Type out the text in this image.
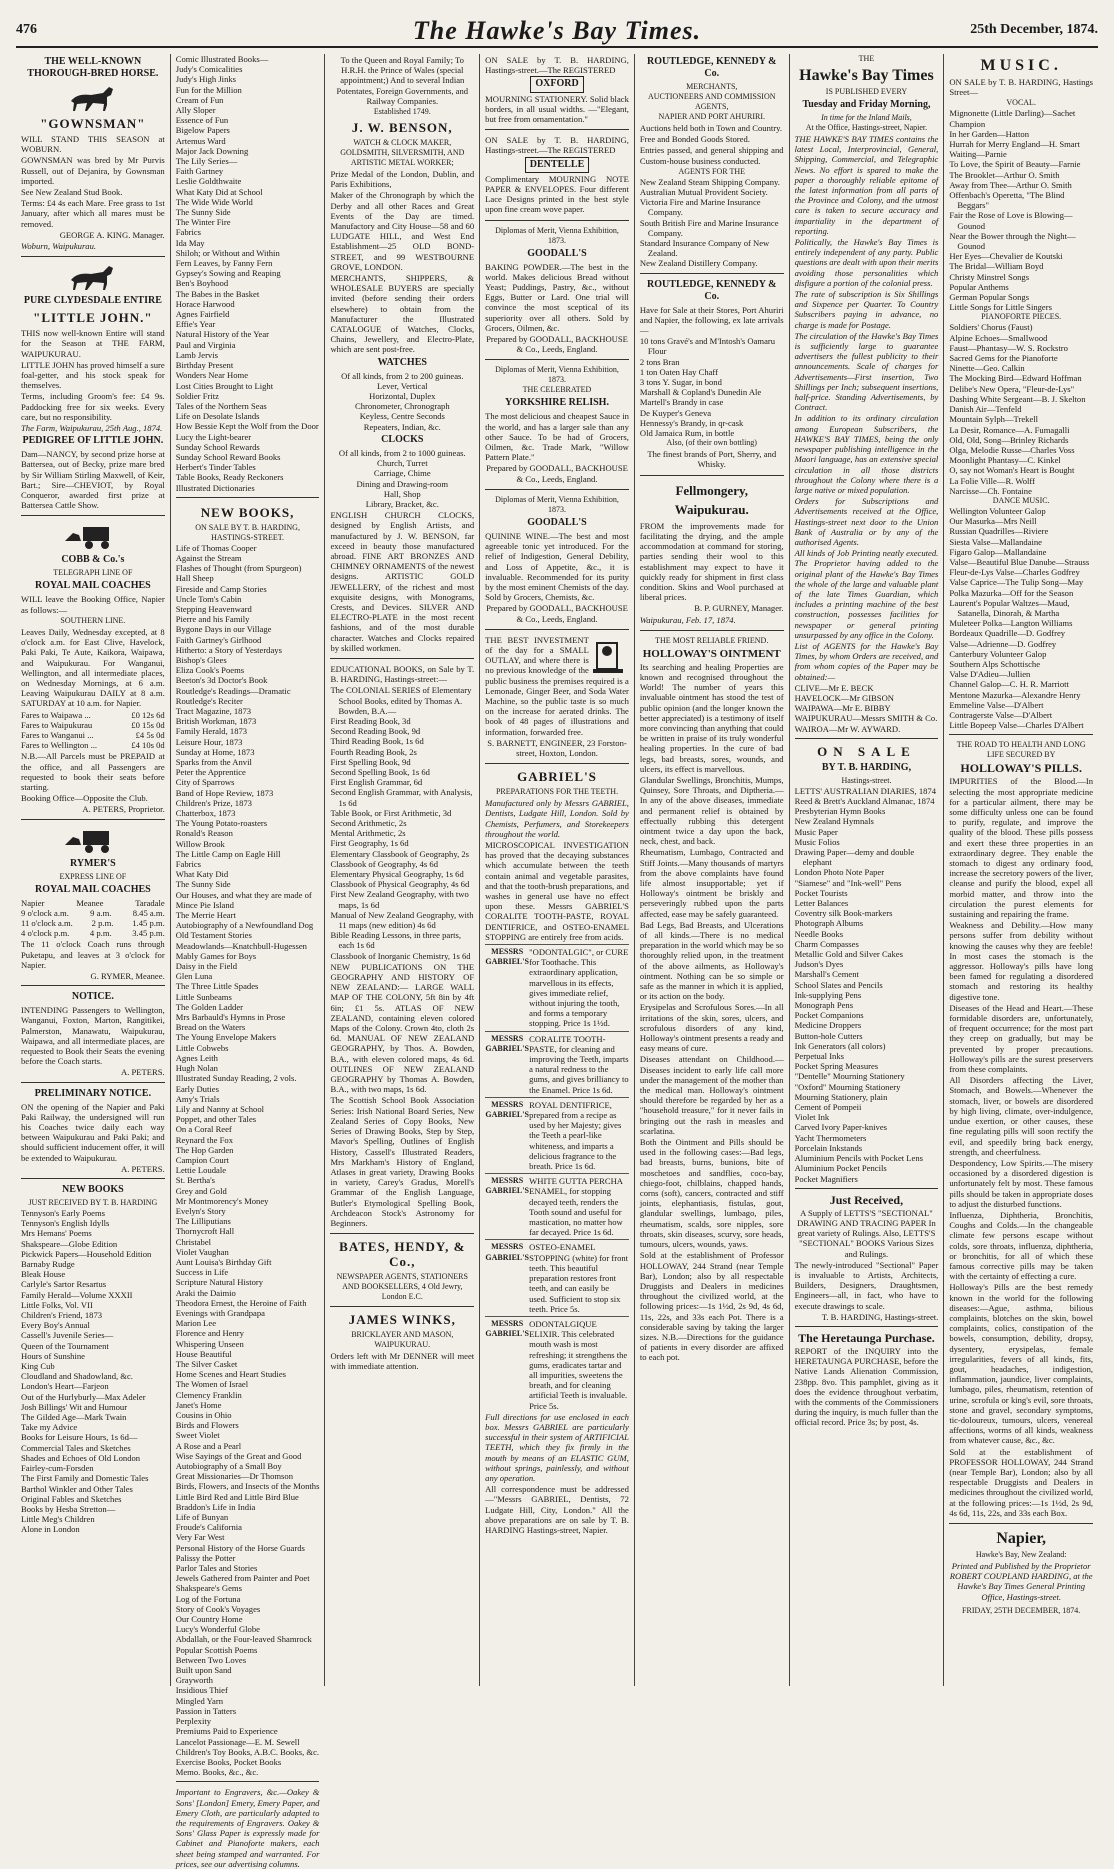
476	The Hawke's Bay Times.	25th December, 1874.
THE WELL-KNOWN THOROUGH-BRED HORSE.
"GOWNSMAN"
WILL STAND THIS SEASON at WOBURN.
GOWNSMAN was bred by Mr Purvis Russell, out of Dejanira, by Gownsman imported.
See New Zealand Stud Book.
Terms: £4 4s each Mare. Free grass to 1st January, after which all mares must be removed.
GEORGE A. KING. Manager.
Woburn, Waipukurau.
PURE CLYDESDALE ENTIRE
"LITTLE JOHN."
THIS now well-known Entire will stand for the Season at THE FARM, WAIPUKURAU.
LITTLE JOHN has proved himself a sure foal-getter, and his stock speak for themselves.
Terms, including Groom's fee: £4 9s. Paddocking free for six weeks. Every care, but no responsibility.
The Farm, Waipukurau, 25th Aug., 1874.
PEDIGREE OF LITTLE JOHN.
Dam—NANCY, by second prize horse at Battersea, out of Becky, prize mare bred by Sir William Stirling Maxwell, of Keir, Bart.; Sire—CHEVIOT, by Royal Conqueror, awarded first prize at Battersea Cattle Show.
COBB & Co.'s
TELEGRAPH LINE OF
ROYAL MAIL COACHES
WILL leave the Booking Office, Napier as follows:—
SOUTHERN LINE.
Leaves Daily, Wednesday excepted, at 8 o'clock a.m. for East Clive, Havelock, Paki Paki, Te Aute, Kaikora, Waipawa, and Waipukurau. For Wanganui, Wellington, and all intermediate places, on Wednesday Mornings, at 6 a.m. Leaving Waipukurau DAILY at 8 a.m. SATURDAY at 10 a.m. for Napier.
Fares to Waipawa ...	£0 12s 6d
Fares to Waipukurau	£0 15s 0d
Fares to Wanganui ...	£4 5s 0d
Fares to Wellington ...	£4 10s 0d
N.B.—All Parcels must be PREPAID at the office, and all Passengers are requested to book their seats before starting.
Booking Office—Opposite the Club.
A. PETERS, Proprietor.
RYMER'S
EXPRESS LINE OF
ROYAL MAIL COACHES
Napier	Meanee	Taradale
9 o'clock a.m. 9 a.m. 8.45 a.m.
11 o'clock a.m. 2 p.m. 1.45 p.m.
4 o'clock p.m. 4 p.m. 3.45 p.m.
The 11 o'clock Coach runs through Puketapu, and leaves at 3 o'clock for Napier.
G. RYMER, Meanee.
NOTICE.
INTENDING Passengers to Wellington, Wanganui, Foxton, Marton, Rangitikei, Palmerston, Manawatu, Waipukurau, Waipawa, and all intermediate places, are requested to Book their Seats the evening before the Coach starts.
A. PETERS.
PRELIMINARY NOTICE.
ON the opening of the Napier and Paki Paki Railway, the undersigned will run his Coaches twice daily each way between Waipukurau and Paki Paki; and should sufficient inducement offer, it will be extended to Waipukurau.
A. PETERS.
NEW BOOKS
JUST RECEIVED BY T. B. HARDING
Tennyson's Early Poems
Tennyson's English Idylls
Mrs Hemans' Poems
Shakspeare—Globe Edition
Pickwick Papers—Household Edition
Barnaby Rudge
Bleak House
Carlyle's Sartor Resartus
Family Herald—Volume XXXII
Little Folks, Vol. VII
Children's Friend, 1873
Every Boy's Annual
Cassell's Juvenile Series—
Queen of the Tournament
Hours of Sunshine
King Cub
Cloudland and Shadowland, &c.
London's Heart—Farjeon
Out of the Hurlyburly—Max Adeler
Josh Billings' Wit and Humour
The Gilded Age—Mark Twain
Take my Advice
Books for Leisure Hours, 1s 6d—
Commercial Tales and Sketches
Shades and Echoes of Old London
Fairley-cum-Forsden
The First Family and Domestic Tales
Barthol Winkler and Other Tales
Original Fables and Sketches
Books by Hesba Stretton—
Little Meg's Children
Alone in London
Comic Illustrated Books—
Judy's Comicalities
Judy's High Jinks
Fun for the Million
Cream of Fun
Ally Sloper
Essence of Fun
Bigelow Papers
Artemus Ward
Major Jack Downing
The Lily Series—
Faith Gartney
Leslie Goldthwaite
What Katy Did at School
The Wide Wide World
The Sunny Side
The Winter Fire
Fabrics
Ida May
Shiloh; or Without and Within
Fern Leaves, by Fanny Fern
Gypsey's Sowing and Reaping
Ben's Boyhood
The Babes in the Basket
Horace Harwood
Agnes Fairfield
Effie's Year
Natural History of the Year
Paul and Virginia
Lamb Jervis
Birthday Present
Wonders Near Home
Lost Cities Brought to Light
Soldier Fritz
Tales of the Northern Seas
Life on Desolate Islands
How Bessie Kept the Wolf from the Door
Lucy the Light-bearer
Sunday School Rewards
Sunday School Reward Books
Herbert's Tinder Tables
Table Books, Ready Reckoners
Illustrated Dictionaries
NEW BOOKS,
ON SALE BY T. B. HARDING,
HASTINGS-STREET.
Life of Thomas Cooper
Against the Stream
Flashes of Thought (from Spurgeon)
Hall Sheep
Fireside and Camp Stories
Uncle Tom's Cabin
Stepping Heavenward
Pierre and his Family
Bygone Days in our Village
Faith Gartney's Girlhood
Hitherto: a Story of Yesterdays
Bishop's Glees
Eliza Cook's Poems
Beeton's 3d Doctor's Book
Routledge's Readings—Dramatic
Routledge's Reciter
Tract Magazine, 1873
British Workman, 1873
Family Herald, 1873
Leisure Hour, 1873
Sunday at Home, 1873
Sparks from the Anvil
Peter the Apprentice
City of Sparrows
Band of Hope Review, 1873
Children's Prize, 1873
Chatterbox, 1873
The Young Potato-roasters
Ronald's Reason
Willow Brook
The Little Camp on Eagle Hill
Fabrics
What Katy Did
The Sunny Side
Our Houses, and what they are made of
Mince Pie Island
The Merrie Heart
Autobiography of a Newfoundland Dog
Old Testament Stories
Meadowlands—Knatchbull-Hugessen
Mably Games for Boys
Daisy in the Field
Glen Luna
The Three Little Spades
Little Sunbeams
The Golden Ladder
Mrs Barbauld's Hymns in Prose
Bread on the Waters
The Young Envelope Makers
Little Cobwebs
Agnes Leith
Hugh Nolan
Illustrated Sunday Reading, 2 vols.
Early Duties
Amy's Trials
Lily and Nanny at School
Poppet, and other Tales
On a Coral Reef
Reynard the Fox
The Hop Garden
Campion Court
Lettie Loudale
St. Bertha's
Grey and Gold
Mr Montmorency's Money
Evelyn's Story
The Lilliputians
Thornycroft Hall
Christabel
Violet Vaughan
Aunt Louisa's Birthday Gift
Success in Life
Scripture Natural History
Araki the Daimio
Theodora Ernest, the Heroine of Faith
Evenings with Grandpapa
Marion Lee
Florence and Henry
Whispering Unseen
House Beautiful
The Silver Casket
Home Scenes and Heart Studies
The Women of Israel
Clemency Franklin
Janet's Home
Cousins in Ohio
Birds and Flowers
Sweet Violet
A Rose and a Pearl
Wise Sayings of the Great and Good
Autobiography of a Small Boy
Great Missionaries—Dr Thomson
Birds, Flowers, and Insects of the Months
Little Bird Red and Little Bird Blue
Braddon's Life in India
Life of Bunyan
Froude's California
Very Far West
Personal History of the Horse Guards
Palissy the Potter
Parlor Tales and Stories
Jewels Gathered from Painter and Poet
Shakspeare's Gems
Log of the Fortuna
Story of Cook's Voyages
Our Country Home
Lucy's Wonderful Globe
Abdallah, or the Four-leaved Shamrock
Popular Scottish Poems
Between Two Loves
Built upon Sand
Grayworth
Insidious Thief
Mingled Yarn
Passion in Tatters
Perplexity
Premiums Paid to Experience
Lancelot Passionage—E. M. Sewell
Children's Toy Books, A.B.C. Books, &c.
Exercise Books, Pocket Books
Memo. Books, &c., &c.
Important to Engravers, &c.—Oakey & Sons' [London] Emery, Emery Paper, and Emery Cloth, are particularly adapted to the requirements of Engravers. Oakey & Sons' Glass Paper is expressly made for Cabinet and Pianoforte makers, each sheet being stamped and warranted. For prices, see our advertising columns.
To the Queen and Royal Family; To H.R.H. the Prince of Wales (special appointment;) And to several Indian Potentates, Foreign Governments, and Railway Companies.
Established 1749.
J. W. BENSON,
WATCH & CLOCK MAKER, GOLDSMITH, SILVERSMITH, AND ARTISTIC METAL WORKER;
Prize Medal of the London, Dublin, and Paris Exhibitions,
Maker of the Chronograph by which the Derby and all other Races and Great Events of the Day are timed. Manufactory and City House—58 and 60 LUDGATE HILL, and West End Establishment—25 OLD BOND-STREET, and 99 WESTBOURNE GROVE, LONDON.
MERCHANTS, SHIPPERS, & WHOLESALE BUYERS are specially invited (before sending their orders elsewhere) to obtain from the Manufacturer the Illustrated CATALOGUE of Watches, Clocks, Chains, Jewellery, and Electro-Plate, which are sent post-free.
WATCHES
Of all kinds, from 2 to 200 guineas.
Lever, Vertical
Horizontal, Duplex
Chronometer, Chronograph
Keyless, Centre Seconds
Repeaters, Indian, &c.
CLOCKS
Of all kinds, from 2 to 1000 guineas.
Church, Turret
Carriage, Chime
Dining and Drawing-room
Hall, Shop
Library, Bracket, &c.
ENGLISH CHURCH CLOCKS, designed by English Artists, and manufactured by J. W. BENSON, far exceed in beauty those manufactured abroad. FINE ART BRONZES AND CHIMNEY ORNAMENTS of the newest designs. ARTISTIC GOLD JEWELLERY, of the richest and most exquisite designs, with Monograms, Crests, and Devices. SILVER AND ELECTRO-PLATE in the most recent fashions, and of the most durable character. Watches and Clocks repaired by skilled workmen.
EDUCATIONAL BOOKS, on Sale by T. B. HARDING, Hastings-street:—
The COLONIAL SERIES of Elementary School Books, edited by Thomas A. Bowden, B.A.—
First Reading Book, 3d
Second Reading Book, 9d
Third Reading Book, 1s 6d
Fourth Reading Book, 2s
First Spelling Book, 9d
Second Spelling Book, 1s 6d
First English Grammar, 6d
Second English Grammar, with Analysis, 1s 6d
Table Book, or First Arithmetic, 3d
Second Arithmetic, 2s
Mental Arithmetic, 2s
First Geography, 1s 6d
Elementary Classbook of Geography, 2s
Classbook of Geography, 4s 6d
Elementary Physical Geography, 1s 6d
Classbook of Physical Geography, 4s 6d
First New Zealand Geography, with two maps, 1s 6d
Manual of New Zealand Geography, with 11 maps (new edition) 4s 6d
Bible Reading Lessons, in three parts, each 1s 6d
Classbook of Inorganic Chemistry, 1s 6d
NEW PUBLICATIONS ON THE GEOGRAPHY AND HISTORY OF NEW ZEALAND:— LARGE WALL MAP OF THE COLONY, 5ft 8in by 4ft 6in; £1 5s. ATLAS OF NEW ZEALAND, containing eleven colored Maps of the Colony. Crown 4to, cloth 2s 6d. MANUAL OF NEW ZEALAND GEOGRAPHY, by Thos. A. Bowden, B.A., with eleven colored maps, 4s 6d. OUTLINES OF NEW ZEALAND GEOGRAPHY by Thomas A. Bowden, B.A., with two maps, 1s 6d.
The Scottish School Book Association Series: Irish National Board Series, New Zealand Series of Copy Books, New Series of Drawing Books, Step by Step, Mavor's Spelling, Outlines of English History, Cassell's Illustrated Readers, Mrs Markham's History of England, Atlases in great variety, Drawing Books in variety, Carey's Gradus, Morell's Grammar of the English Language, Butler's Etymological Spelling Book, Archdeacon Stock's Astronomy for Beginners.
BATES, HENDY, & Co.,
NEWSPAPER AGENTS, STATIONERS AND BOOKSELLERS, 4 Old Jewry, London E.C.
JAMES WINKS,
BRICKLAYER AND MASON, WAIPUKURAU.
Orders left with Mr DENNER will meet with immediate attention.
ON SALE by T. B. HARDING, Hastings-street.—The REGISTERED
OXFORD
MOURNING STATIONERY. Solid black borders, in all usual widths. —"Elegant, but free from ornamentation."
ON SALE by T. B. HARDING, Hastings-street.—The REGISTERED
DENTELLE
Complimentary MOURNING NOTE PAPER & ENVELOPES. Four different Lace Designs printed in the best style upon fine cream wove paper.
Diplomas of Merit, Vienna Exhibition, 1873.
GOODALL'S
BAKING POWDER.—The best in the world. Makes delicious Bread without Yeast; Puddings, Pastry, &c., without Eggs, Butter or Lard. One trial will convince the most sceptical of its superiority over all others. Sold by Grocers, Oilmen, &c.
Prepared by GOODALL, BACKHOUSE & Co., Leeds, England.
Diplomas of Merit, Vienna Exhibition, 1873.
THE CELEBRATED
YORKSHIRE RELISH.
The most delicious and cheapest Sauce in the world, and has a larger sale than any other Sauce. To be had of Grocers, Oilmen, &c. Trade Mark, "Willow Pattern Plate."
Prepared by GOODALL, BACKHOUSE & Co., Leeds, England.
Diplomas of Merit, Vienna Exhibition, 1873.
GOODALL'S
QUININE WINE.—The best and most agreeable tonic yet introduced. For the relief of Indigestion, General Debility, and Loss of Appetite, &c., it is invaluable. Recommended for its purity by the most eminent Chemists of the day. Sold by Grocers, Chemists, &c.
Prepared by GOODALL, BACKHOUSE & Co., Leeds, England.
THE BEST INVESTMENT of the day for a SMALL OUTLAY, and where there is no previous knowledge of the public business the premises required is a Lemonade, Ginger Beer, and Soda Water Machine, so the public taste is so much on the increase for aerated drinks. The book of 48 pages of illustrations and information, forwarded free.
S. BARNETT, ENGINEER, 23 Forston-street, Hoxton, London.
GABRIEL'S
PREPARATIONS FOR THE TEETH.
Manufactured only by Messrs GABRIEL, Dentists, Ludgate Hill, London. Sold by Chemists, Perfumers, and Storekeepers throughout the world.
MICROSCOPICAL INVESTIGATION has proved that the decaying substances which accumulate between the teeth contain animal and vegetable parasites, and that the tooth-brush preparations, and washes in general use have no effect upon these. Messrs GABRIEL'S CORALITE TOOTH-PASTE, ROYAL DENTIFRICE, and OSTEO-ENAMEL STOPPING are entirely free from acids.
MESSRS GABRIEL'S
"ODONTALGIC", or CURE for Toothache. This extraordinary application, marvellous in its effects, gives immediate relief, without injuring the tooth, and forms a temporary stopping. Price 1s 1½d.
MESSRS GABRIEL'S
CORALITE TOOTH-PASTE, for cleaning and improving the Teeth, imparts a natural redness to the gums, and gives brilliancy to the Enamel. Price 1s 6d.
MESSRS GABRIEL'S
ROYAL DENTIFRICE, prepared from a recipe as used by her Majesty; gives the Teeth a pearl-like whiteness, and imparts a delicious fragrance to the breath. Price 1s 6d.
MESSRS GABRIEL'S
WHITE GUTTA PERCHA ENAMEL, for stopping decayed teeth, renders the Tooth sound and useful for mastication, no matter how far decayed. Price 1s 6d.
MESSRS GABRIEL'S
OSTEO-ENAMEL STOPPING (white) for front teeth. This beautiful preparation restores front teeth, and can easily be used. Sufficient to stop six teeth. Price 5s.
MESSRS GABRIEL'S
ODONTALGIQUE ELIXIR. This celebrated mouth wash is most refreshing; it strengthens the gums, eradicates tartar and all impurities, sweetens the breath, and for cleaning artificial Teeth is invaluable. Price 5s.
Full directions for use enclosed in each box. Messrs GABRIEL are particularly successful in their system of ARTIFICIAL TEETH, which they fix firmly in the mouth by means of an ELASTIC GUM, without springs, painlessly, and without any operation.
All correspondence must be addressed—"Messrs GABRIEL, Dentists, 72 Ludgate Hill, City, London." All the above preparations are on sale by T. B. HARDING Hastings-street, Napier.
ROUTLEDGE, KENNEDY & Co.
MERCHANTS,
AUCTIONEERS AND COMMISSION AGENTS,
NAPIER AND PORT AHURIRI.
Auctions held both in Town and Country.
Free and Bonded Goods Stored.
Entries passed, and general shipping and Custom-house business conducted.
AGENTS FOR THE
New Zealand Steam Shipping Company.
Australian Mutual Provident Society.
Victoria Fire and Marine Insurance Company.
South British Fire and Marine Insurance Company.
Standard Insurance Company of New Zealand.
New Zealand Distillery Company.
ROUTLEDGE, KENNEDY & Co.
Have for Sale at their Stores, Port Ahuriri and Napier, the following, ex late arrivals—
10 tons Gravé's and M'Intosh's Oamaru Flour
2 tons Bran
1 ton Oaten Hay Chaff
3 tons Y. Sugar, in bond
Marshall & Copland's Dunedin Ale
Martell's Brandy in case
De Kuyper's Geneva
Hennessy's Brandy, in qr-cask
Old Jamaica Rum, in bottle
Also, (of their own bottling)
The finest brands of Port, Sherry, and Whisky.
Fellmongery, Waipukurau.
FROM the improvements made for facilitating the drying, and the ample accommodation at command for storing, parties sending their wool to this establishment may expect to have it quickly ready for shipment in first class condition. Skins and Wool purchased at liberal prices.
B. P. GURNEY, Manager.
Waipukurau, Feb. 17, 1874.
THE MOST RELIABLE FRIEND.
HOLLOWAY'S OINTMENT
Its searching and healing Properties are known and recognised throughout the World! The number of years this invaluable ointment has stood the test of public opinion (and the longer known the better appreciated) is a testimony of itself more convincing than anything that could be written in praise of its truly wonderful healing properties. In the cure of bad legs, bad breasts, sores, wounds, and ulcers, its effect is marvellous.
Glandular Swellings, Bronchitis, Mumps, Quinsey, Sore Throats, and Diptheria.—In any of the above diseases, immediate and permanent relief is obtained by effectually rubbing this detergent ointment twice a day upon the back, neck, chest, and back.
Rheumatism, Lumbago, Contracted and Stiff Joints.—Many thousands of martyrs from the above complaints have found life almost insupportable; yet if Holloway's ointment be briskly and perseveringly rubbed upon the parts affected, ease may be safely guaranteed.
Bad Legs, Bad Breasts, and Ulcerations of all kinds.—There is no medical preparation in the world which may be so thoroughly relied upon, in the treatment of the above ailments, as Holloway's ointment. Nothing can be so simple or safe as the manner in which it is applied, or its action on the body.
Erysipelas and Scrofulous Sores.—In all irritations of the skin, sores, ulcers, and scrofulous disorders of any kind, Holloway's ointment presents a ready and easy means of cure.
Diseases attendant on Childhood.—Diseases incident to early life call more under the management of the mother than the medical man. Holloway's ointment should therefore be regarded by her as a "household treasure," for it never fails in bringing out the rash in measles and scarlatina.
Both the Ointment and Pills should be used in the following cases:—Bad legs, bad breasts, burns, bunions, bite of moschetoes and sandflies, coco-bay, chiego-foot, chilblains, chapped hands, corns (soft), cancers, contracted and stiff joints, elephantiasis, fistulas, gout, glandular swellings, lumbago, piles, rheumatism, scalds, sore nipples, sore throats, skin diseases, scurvy, sore heads, tumours, ulcers, wounds, yaws.
Sold at the establishment of Professor HOLLOWAY, 244 Strand (near Temple Bar), London; also by all respectable Druggists and Dealers in medicines throughout the civilized world, at the following prices:—1s 1½d, 2s 9d, 4s 6d, 11s, 22s, and 33s each Pot. There is a considerable saving by taking the larger sizes. N.B.—Directions for the guidance of patients in every disorder are affixed to each pot.
THE
Hawke's Bay Times
IS PUBLISHED EVERY
Tuesday and Friday Morning,
In time for the Inland Mails,
At the Office, Hastings-street, Napier.
THE HAWKE'S BAY TIMES contains the latest Local, Interprovincial, General, Shipping, Commercial, and Telegraphic News. No effort is spared to make the paper a thoroughly reliable epitome of the latest information from all parts of the Province and Colony, and the utmost care is taken to secure accuracy and impartiality in the department of reporting.
Politically, the Hawke's Bay Times is entirely independent of any party. Public questions are dealt with upon their merits avoiding those personalities which disfigure a portion of the colonial press.
The rate of subscription is Six Shillings and Sixpence per Quarter. To Country Subscribers paying in advance, no charge is made for Postage.
The circulation of the Hawke's Bay Times is sufficiently large to guarantee advertisers the fullest publicity to their announcements. Scale of charges for Advertisements—First insertion, Two Shillings per Inch; subsequent insertions, half-price. Standing Advertisements, by Contract.
In addition to its ordinary circulation among European Subscribers, the HAWKE'S BAY TIMES, being the only newspaper publishing intelligence in the Maori language, has an extensive special circulation in all those districts throughout the Colony where there is a large native or mixed population.
Orders for Subscriptions and Advertisements received at the Office, Hastings-street next door to the Union Bank of Australia or by any of the authorised Agents.
All kinds of Job Printing neatly executed. The Proprietor having added to the original plant of the Hawke's Bay Times the whole of the large and valuable plant of the late Times Guardian, which includes a printing machine of the best construction, possesses facilities for newspaper or general printing unsurpassed by any office in the Colony.
List of AGENTS for the Hawke's Bay Times, by whom Orders are received, and from whom copies of the Paper may be obtained:—
CLIVE—Mr E. BECK
HAVELOCK—Mr GIBSON
WAIPAWA—Mr E. BIBBY
WAIPUKURAU—Messrs SMITH & Co.
WAIROA—Mr W. AYWARD.
ON SALE
BY T. B. HARDING,
Hastings-street.
LETTS' AUSTRALIAN DIARIES, 1874
Reed & Brett's Auckland Almanac, 1874
Presbyterian Hymn Books
New Zealand Hymnals
Music Paper
Music Folios
Drawing Paper—demy and double elephant
London Photo Note Paper
"Siamese" and "Ink-well" Pens
Pocket Tourists
Letter Balances
Coventry silk Book-markers
Photograph Albums
Needle Books
Charm Compasses
Metallic Gold and Silver Cakes
Judson's Dyes
Marshall's Cement
School Slates and Pencils
Ink-supplying Pens
Monograph Pens
Pocket Companions
Medicine Droppers
Button-hole Cutters
Ink Generators (all colors)
Perpetual Inks
Pocket Spring Measures
"Dentelle" Mourning Stationery
"Oxford" Mourning Stationery
Mourning Stationery, plain
Cement of Pompeii
Violet Ink
Carved Ivory Paper-knives
Yacht Thermometers
Porcelain Inkstands
Aluminium Pencils with Pocket Lens
Aluminium Pocket Pencils
Pocket Magnifiers
Just Received,
A Supply of LETTS'S "SECTIONAL" DRAWING AND TRACING PAPER In great variety of Rulings. Also, LETTS'S "SECTIONAL" BOOKS Various Sizes and Rulings.
The newly-introduced "Sectional" Paper is invaluable to Artists, Architects, Builders, Designers, Draughtsmen, Engineers—all, in fact, who have to execute drawings to scale.
T. B. HARDING, Hastings-street.
The Heretaunga Purchase.
REPORT of the INQUIRY into the HERETAUNGA PURCHASE, before the Native Lands Alienation Commission, 238pp. 8vo. This pamphlet, giving as it does the evidence throughout verbatim, with the comments of the Commissioners during the inquiry, is much fuller than the official record. Price 3s; by post, 4s.
MUSIC.
ON SALE by T. B. HARDING, Hastings Street—
VOCAL.
Mignonette (Little Darling)—Sachet
Champion
In her Garden—Hatton
Hurrah for Merry England—H. Smart
Waiting—Parnie
To Love, the Spirit of Beauty—Farnie
The Brooklet—Arthur O. Smith
Away from Thee—Arthur O. Smith
Offenbach's Operetta, "The Blind Beggars"
Fair the Rose of Love is Blowing—Gounod
Near the Bower through the Night—Gounod
Her Eyes—Chevalier de Koutski
The Bridal—William Boyd
Christy Minstrel Songs
Popular Anthems
German Popular Songs
Little Songs for Little Singers
PIANOFORTE PIECES.
Soldiers' Chorus (Faust)
Alpine Echoes—Smallwood
Faust—Phantasy—W. S. Rockstro
Sacred Gems for the Pianoforte
Ninette—Geo. Calkin
The Mocking Bird—Edward Hoffman
Delibe's New Opera, "Fleur-de-Lys"
Dashing White Sergeant—B. J. Skelton
Danish Air—Tenfeld
Mountain Sylph—Trekell
La Desir, Romance—A. Fumagalli
Old, Old, Song—Brinley Richards
Olga, Melodie Russe—Charles Voss
Moonlight Phantasy—C. Kinkel
O, say not Woman's Heart is Bought
La Folie Ville—R. Wolff
Narcisse—Ch. Fontaine
DANCE MUSIC.
Wellington Volunteer Galop
Our Masurka—Mrs Neill
Russian Quadrilles—Riviere
Siesta Valse—Mallandaine
Figaro Galop—Mallandaine
Valse—Beautiful Blue Danube—Strauss
Fleur-de-Lys Valse—Charles Godfrey
Valse Caprice—The Tulip Song—May
Polka Mazurka—Off for the Season
Laurent's Popular Waltzes—Maud, Satanella, Dinorah, & Martha
Muleteer Polka—Langton Williams
Bordeaux Quadrille—D. Godfrey
Valse—Adrienne—D. Godfrey
Canterbury Volunteer Galop
Southern Alps Schottische
Valse D'Adieu—Jullien
Channel Galop—C. H. R. Marriott
Mentone Mazurka—Alexandre Henry
Emmeline Valse—D'Albert
Contragerste Valse—D'Albert
Little Bopeep Valse—Charles D'Albert
THE ROAD TO HEALTH AND LONG LIFE SECURED BY
HOLLOWAY'S PILLS.
IMPURITIES of the Blood.—In selecting the most appropriate medicine for a particular ailment, there may be some difficulty unless one can be found to purify, regulate, and improve the quality of the blood. These pills possess and exert these three properties in an extraordinary degree. They enable the stomach to digest any ordinary food, increase the secretory powers of the liver, cleanse and purify the blood, expel all morbid matter, and throw into the circulation the purest elements for sustaining and repairing the frame.
Weakness and Debility.—How many persons suffer from debility without knowing the causes why they are feeble! In most cases the stomach is the aggressor. Holloway's pills have long been famed for regulating a disordered stomach and restoring its healthy digestive tone.
Diseases of the Head and Heart.—These formidable disorders are, unfortunately, of frequent occurrence; for the most part they creep on gradually, but may be prevented by proper precautions. Holloway's pills are the surest preservers from these complaints.
All Disorders affecting the Liver, Stomach, and Bowels.—Whenever the stomach, liver, or bowels are disordered by high living, climate, over-indulgence, undue exertion, or other causes, these fine regulating pills will soon rectify the evil, and speedily bring back energy, strength, and cheerfulness.
Despondency, Low Spirits.—The misery occasioned by a disordered digestion is unfortunately felt by most. These famous pills should be taken in appropriate doses to adjust the disturbed functions.
Influenza, Diphtheria, Bronchitis, Coughs and Colds.—In the changeable climate few persons escape without colds, sore throats, influenza, diphtheria, or bronchitis, for all of which these famous corrective pills may be taken with the certainty of effecting a cure.
Holloway's Pills are the best remedy known in the world for the following diseases:—Ague, asthma, bilious complaints, blotches on the skin, bowel complaints, colics, constipation of the bowels, consumption, debility, dropsy, dysentery, erysipelas, female irregularities, fevers of all kinds, fits, gout, headaches, indigestion, inflammation, jaundice, liver complaints, lumbago, piles, rheumatism, retention of urine, scrofula or king's evil, sore throats, stone and gravel, secondary symptoms, tic-doloureux, tumours, ulcers, venereal affections, worms of all kinds, weakness from whatever cause, &c., &c.
Sold at the establishment of PROFESSOR HOLLOWAY, 244 Strand (near Temple Bar), London; also by all respectable Druggists and Dealers in medicines throughout the civilized world, at the following prices:—1s 1½d, 2s 9d, 4s 6d, 11s, 22s, and 33s each Box.
Napier,
Hawke's Bay, New Zealand:
Printed and Published by the Proprietor ROBERT COUPLAND HARDING, at the Hawke's Bay Times General Printing Office, Hastings-street.
FRIDAY, 25TH DECEMBER, 1874.
